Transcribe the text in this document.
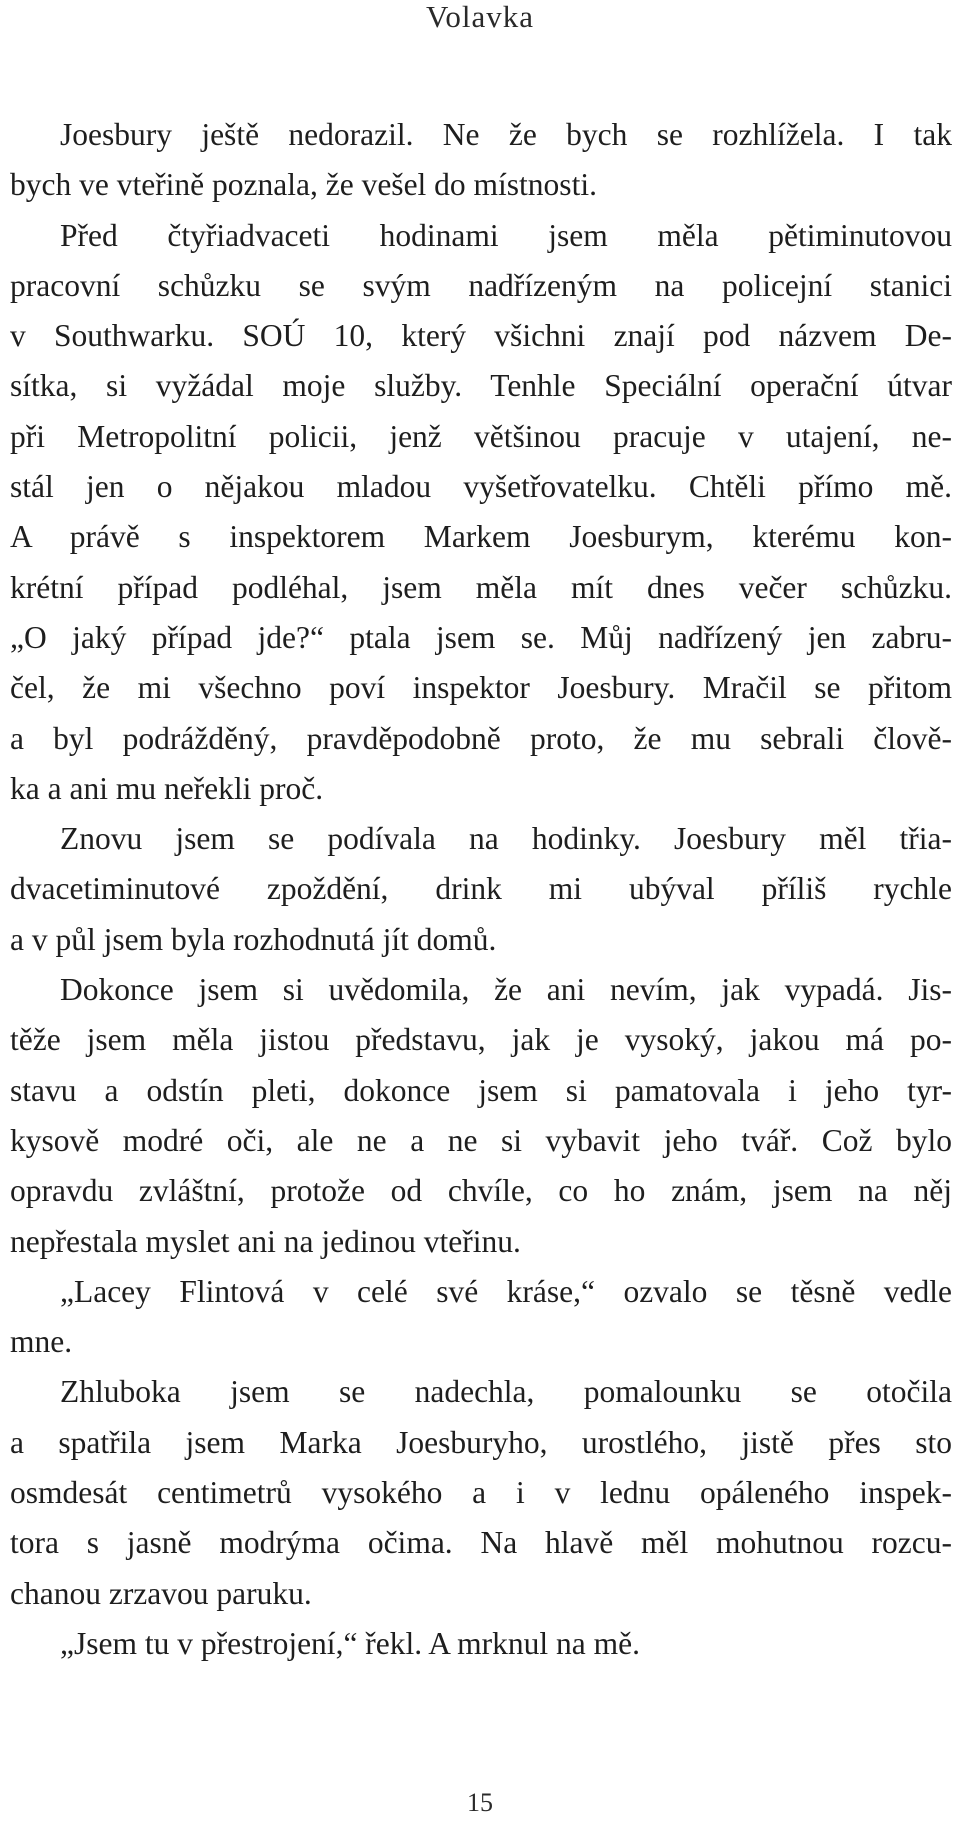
Volavka
Joesbury ještě nedorazil. Ne že bych se rozhlížela. I tak
bych ve vteřině poznala, že vešel do místnosti.
Před čtyřiadvaceti hodinami jsem měla pětiminutovou
pracovní schůzku se svým nadřízeným na policejní stanici
v Southwarku. SOÚ 10, který všichni znají pod názvem De-
sítka, si vyžádal moje služby. Tenhle Speciální operační útvar
při Metropolitní policii, jenž většinou pracuje v utajení, ne-
stál jen o nějakou mladou vyšetřovatelku. Chtěli přímo mě.
A právě s inspektorem Markem Joesburym, kterému kon-
krétní případ podléhal, jsem měla mít dnes večer schůzku.
„O jaký případ jde?“ ptala jsem se. Můj nadřízený jen zabru-
čel, že mi všechno poví inspektor Joesbury. Mračil se přitom
a byl podrážděný, pravděpodobně proto, že mu sebrali člově-
ka a ani mu neřekli proč.
Znovu jsem se podívala na hodinky. Joesbury měl třia-
dvacetiminutové zpoždění, drink mi ubýval příliš rychle
a v půl jsem byla rozhodnutá jít domů.
Dokonce jsem si uvědomila, že ani nevím, jak vypadá. Jis-
těže jsem měla jistou představu, jak je vysoký, jakou má po-
stavu a odstín pleti, dokonce jsem si pamatovala i jeho tyr-
kysově modré oči, ale ne a ne si vybavit jeho tvář. Což bylo
opravdu zvláštní, protože od chvíle, co ho znám, jsem na něj
nepřestala myslet ani na jedinou vteřinu.
„Lacey Flintová v celé své kráse,“ ozvalo se těsně vedle
mne.
Zhluboka jsem se nadechla, pomalounku se otočila
a spatřila jsem Marka Joesburyho, urostlého, jistě přes sto
osmdesát centimetrů vysokého a i v lednu opáleného inspek-
tora s jasně modrýma očima. Na hlavě měl mohutnou rozcu-
chanou zrzavou paruku.
„Jsem tu v přestrojení,“ řekl. A mrknul na mě.
15
